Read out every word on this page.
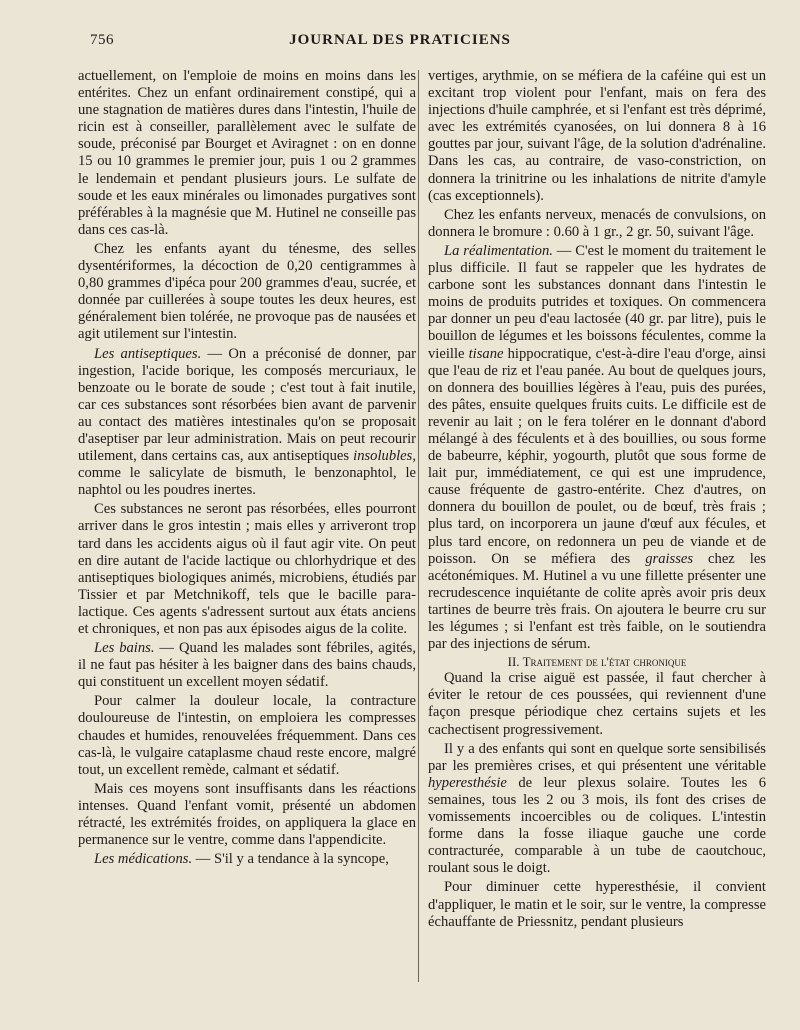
756	JOURNAL DES PRATICIENS

actuellement, on l'emploie de moins en moins dans les entérites. Chez un enfant ordinairement constipé, qui a une stagnation de matières dures dans l'intestin, l'huile de ricin est à conseiller, parallèlement avec le sulfate de soude, préconisé par Bourget et Aviragnet : on en donne 15 ou 10 grammes le premier jour, puis 1 ou 2 grammes le lendemain et pendant plusieurs jours. Le sulfate de soude et les eaux minérales ou limonades purgatives sont préférables à la magnésie que M. Hutinel ne conseille pas dans ces cas-là.

Chez les enfants ayant du ténesme, des selles dysentériformes, la décoction de 0,20 centigrammes à 0,80 grammes d'ipéca pour 200 grammes d'eau, sucrée, et donnée par cuillerées à soupe toutes les deux heures, est généralement bien tolérée, ne provoque pas de nausées et agit utilement sur l'intestin.

Les antiseptiques. — On a préconisé de donner, par ingestion, l'acide borique, les composés mercuriaux, le benzoate ou le borate de soude ; c'est tout à fait inutile, car ces substances sont résorbées bien avant de parvenir au contact des matières intestinales qu'on se proposait d'aseptiser par leur administration. Mais on peut recourir utilement, dans certains cas, aux antiseptiques insolubles, comme le salicylate de bismuth, le benzonaphtol, le naphtol ou les poudres inertes.

Ces substances ne seront pas résorbées, elles pourront arriver dans le gros intestin ; mais elles y arriveront trop tard dans les accidents aigus où il faut agir vite. On peut en dire autant de l'acide lactique ou chlorhydrique et des antiseptiques biologiques animés, microbiens, étudiés par Tissier et par Metchnikoff, tels que le bacille para-lactique. Ces agents s'adressent surtout aux états anciens et chroniques, et non pas aux épisodes aigus de la colite.

Les bains. — Quand les malades sont fébriles, agités, il ne faut pas hésiter à les baigner dans des bains chauds, qui constituent un excellent moyen sédatif.

Pour calmer la douleur locale, la contracture douloureuse de l'intestin, on emploiera les compresses chaudes et humides, renouvelées fréquemment. Dans ces cas-là, le vulgaire cataplasme chaud reste encore, malgré tout, un excellent remède, calmant et sédatif.

Mais ces moyens sont insuffisants dans les réactions intenses. Quand l'enfant vomit, présenté un abdomen rétracté, les extrémités froides, on appliquera la glace en permanence sur le ventre, comme dans l'appendicite.

Les médications. — S'il y a tendance à la syncope,

vertiges, arythmie, on se méfiera de la caféine qui est un excitant trop violent pour l'enfant, mais on fera des injections d'huile camphrée, et si l'enfant est très déprimé, avec les extrémités cyanosées, on lui donnera 8 à 16 gouttes par jour, suivant l'âge, de la solution d'adrénaline. Dans les cas, au contraire, de vaso-constriction, on donnera la trinitrine ou les inhalations de nitrite d'amyle (cas exceptionnels).

Chez les enfants nerveux, menacés de convulsions, on donnera le bromure : 0.60 à 1 gr., 2 gr. 50, suivant l'âge.

La réalimentation. — C'est le moment du traitement le plus difficile. Il faut se rappeler que les hydrates de carbone sont les substances donnant dans l'intestin le moins de produits putrides et toxiques. On commencera par donner un peu d'eau lactosée (40 gr. par litre), puis le bouillon de légumes et les boissons féculentes, comme la vieille tisane hippocratique, c'est-à-dire l'eau d'orge, ainsi que l'eau de riz et l'eau panée. Au bout de quelques jours, on donnera des bouillies légères à l'eau, puis des purées, des pâtes, ensuite quelques fruits cuits. Le difficile est de revenir au lait ; on le fera tolérer en le donnant d'abord mélangé à des féculents et à des bouillies, ou sous forme de babeurre, képhir, yogourth, plutôt que sous forme de lait pur, immédiatement, ce qui est une imprudence, cause fréquente de gastro-entérite. Chez d'autres, on donnera du bouillon de poulet, ou de bœuf, très frais ; plus tard, on incorporera un jaune d'œuf aux fécules, et plus tard encore, on redonnera un peu de viande et de poisson. On se méfiera des graisses chez les acétonémiques. M. Hutinel a vu une fillette présenter une recrudescence inquiétante de colite après avoir pris deux tartines de beurre très frais. On ajoutera le beurre cru sur les légumes ; si l'enfant est très faible, on le soutiendra par des injections de sérum.

II. Traitement de l'état chronique

Quand la crise aiguë est passée, il faut chercher à éviter le retour de ces poussées, qui reviennent d'une façon presque périodique chez certains sujets et les cachectisent progressivement.

Il y a des enfants qui sont en quelque sorte sensibilisés par les premières crises, et qui présentent une véritable hyperesthésie de leur plexus solaire. Toutes les 6 semaines, tous les 2 ou 3 mois, ils font des crises de vomissements incoercibles ou de coliques. L'intestin forme dans la fosse iliaque gauche une corde contracturée, comparable à un tube de caoutchouc, roulant sous le doigt.

Pour diminuer cette hyperesthésie, il convient d'appliquer, le matin et le soir, sur le ventre, la compresse échauffante de Priessnitz, pendant plusieurs
